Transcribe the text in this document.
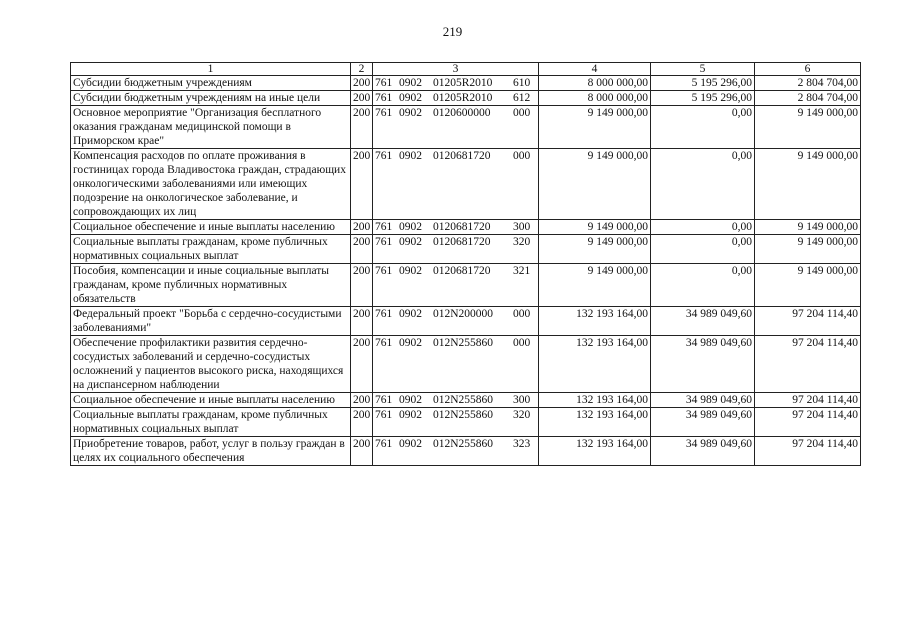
219
1	2	3	4	5	6
Субсидии бюджетным учреждениям	200	761 0902 01205R2010 610	8 000 000,00	5 195 296,00	2 804 704,00
Субсидии бюджетным учреждениям на иные цели	200	761 0902 01205R2010 612	8 000 000,00	5 195 296,00	2 804 704,00
Основное мероприятие "Организация бесплатного оказания гражданам медицинской помощи в Приморском крае"	200	761 0902 0120600000 000	9 149 000,00	0,00	9 149 000,00
Компенсация расходов по оплате проживания в гостиницах города Владивостока граждан, страдающих онкологическими заболеваниями или имеющих подозрение на онкологическое заболевание, и сопровождающих их лиц	200	761 0902 0120681720 000	9 149 000,00	0,00	9 149 000,00
Социальное обеспечение и иные выплаты населению	200	761 0902 0120681720 300	9 149 000,00	0,00	9 149 000,00
Социальные выплаты гражданам, кроме публичных нормативных социальных выплат	200	761 0902 0120681720 320	9 149 000,00	0,00	9 149 000,00
Пособия, компенсации и иные социальные выплаты гражданам, кроме публичных нормативных обязательств	200	761 0902 0120681720 321	9 149 000,00	0,00	9 149 000,00
Федеральный проект "Борьба с сердечно-сосудистыми заболеваниями"	200	761 0902 012N200000 000	132 193 164,00	34 989 049,60	97 204 114,40
Обеспечение профилактики развития сердечно-сосудистых заболеваний и сердечно-сосудистых осложнений у пациентов высокого риска, находящихся на диспансерном наблюдении	200	761 0902 012N255860 000	132 193 164,00	34 989 049,60	97 204 114,40
Социальное обеспечение и иные выплаты населению	200	761 0902 012N255860 300	132 193 164,00	34 989 049,60	97 204 114,40
Социальные выплаты гражданам, кроме публичных нормативных социальных выплат	200	761 0902 012N255860 320	132 193 164,00	34 989 049,60	97 204 114,40
Приобретение товаров, работ, услуг в пользу граждан в целях их социального обеспечения	200	761 0902 012N255860 323	132 193 164,00	34 989 049,60	97 204 114,40
